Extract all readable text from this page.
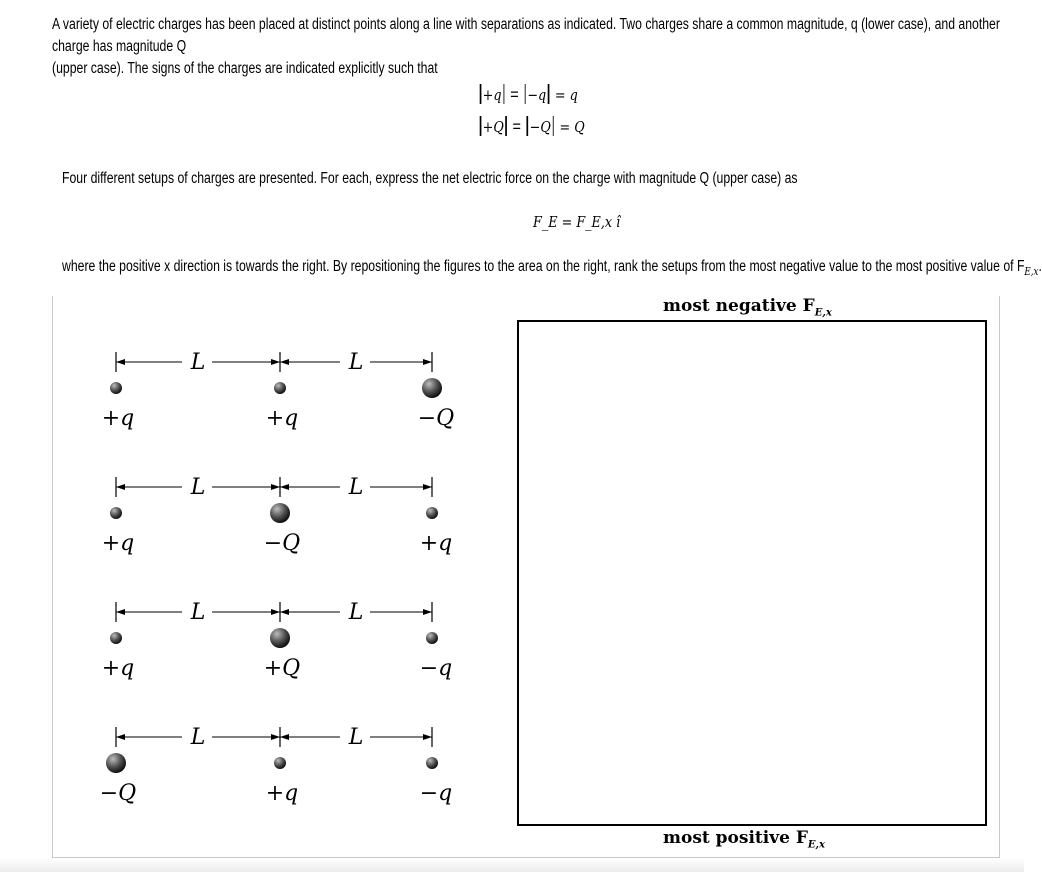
A variety of electric charges has been placed at distinct points along a line with separations as indicated. Two charges share a common magnitude, q (lower case), and another charge has magnitude Q

(upper case). The signs of the charges are indicated explicitly such that

+q = −q = q
+Q = −Q = Q
Four different setups of charges are presented. For each, express the net electric force on the charge with magnitude Q (upper case) as
F_E = F_E,x î
where the positive x direction is towards the right. By repositioning the figures to the area on the right, rank the setups from the most negative value to the most positive value of $F_{E,x}$.
most negative $F_{E,x}$
most positive $F_{E,x}$
L	L
+q	+q	−Q
L	L
+q	−Q	+q
L	L
+q	+Q	−q
L	L
−Q	+q	−q
